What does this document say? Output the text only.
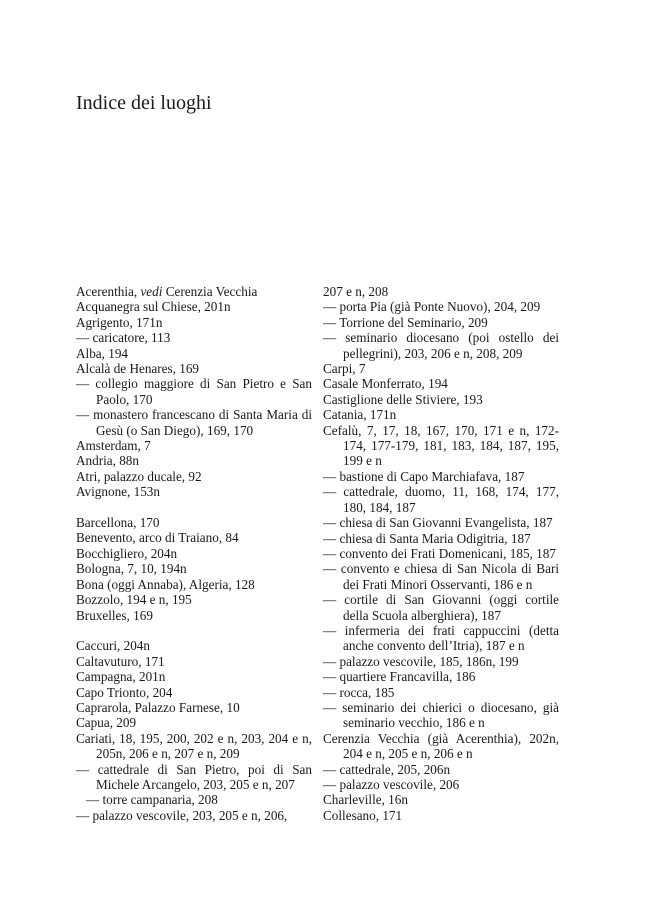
Indice dei luoghi
Acerenthia, vedi Cerenzia Vecchia
Acquanegra sul Chiese, 201n
Agrigento, 171n
— caricatore, 113
Alba, 194
Alcalà de Henares, 169
— collegio maggiore di San Pietro e San Paolo, 170
— monastero francescano di Santa Maria di Gesù (o San Diego), 169, 170
Amsterdam, 7
Andria, 88n
Atri, palazzo ducale, 92
Avignone, 153n
Barcellona, 170
Benevento, arco di Traiano, 84
Bocchigliero, 204n
Bologna, 7, 10, 194n
Bona (oggi Annaba), Algeria, 128
Bozzolo, 194 e n, 195
Bruxelles, 169
Caccuri, 204n
Caltavuturo, 171
Campagna, 201n
Capo Trionto, 204
Caprarola, Palazzo Farnese, 10
Capua, 209
Cariati, 18, 195, 200, 202 e n, 203, 204 e n, 205n, 206 e n, 207 e n, 209
— cattedrale di San Pietro, poi di San Michele Arcangelo, 203, 205 e n, 207
— torre campanaria, 208
— palazzo vescovile, 203, 205 e n, 206,
207 e n, 208
— porta Pia (già Ponte Nuovo), 204, 209
— Torrione del Seminario, 209
— seminario diocesano (poi ostello dei pellegrini), 203, 206 e n, 208, 209
Carpi, 7
Casale Monferrato, 194
Castiglione delle Stiviere, 193
Catania, 171n
Cefalù, 7, 17, 18, 167, 170, 171 e n, 172-174, 177-179, 181, 183, 184, 187, 195, 199 e n
— bastione di Capo Marchiafava, 187
— cattedrale, duomo, 11, 168, 174, 177, 180, 184, 187
— chiesa di San Giovanni Evangelista, 187
— chiesa di Santa Maria Odigitria, 187
— convento dei Frati Domenicani, 185, 187
— convento e chiesa di San Nicola di Bari dei Frati Minori Osservanti, 186 e n
— cortile di San Giovanni (oggi cortile della Scuola alberghiera), 187
— infermeria dei frati cappuccini (detta anche convento dell’Itria), 187 e n
— palazzo vescovile, 185, 186n, 199
— quartiere Francavilla, 186
— rocca, 185
— seminario dei chierici o diocesano, già seminario vecchio, 186 e n
Cerenzia Vecchia (già Acerenthia), 202n, 204 e n, 205 e n, 206 e n
— cattedrale, 205, 206n
— palazzo vescovile, 206
Charleville, 16n
Collesano, 171
